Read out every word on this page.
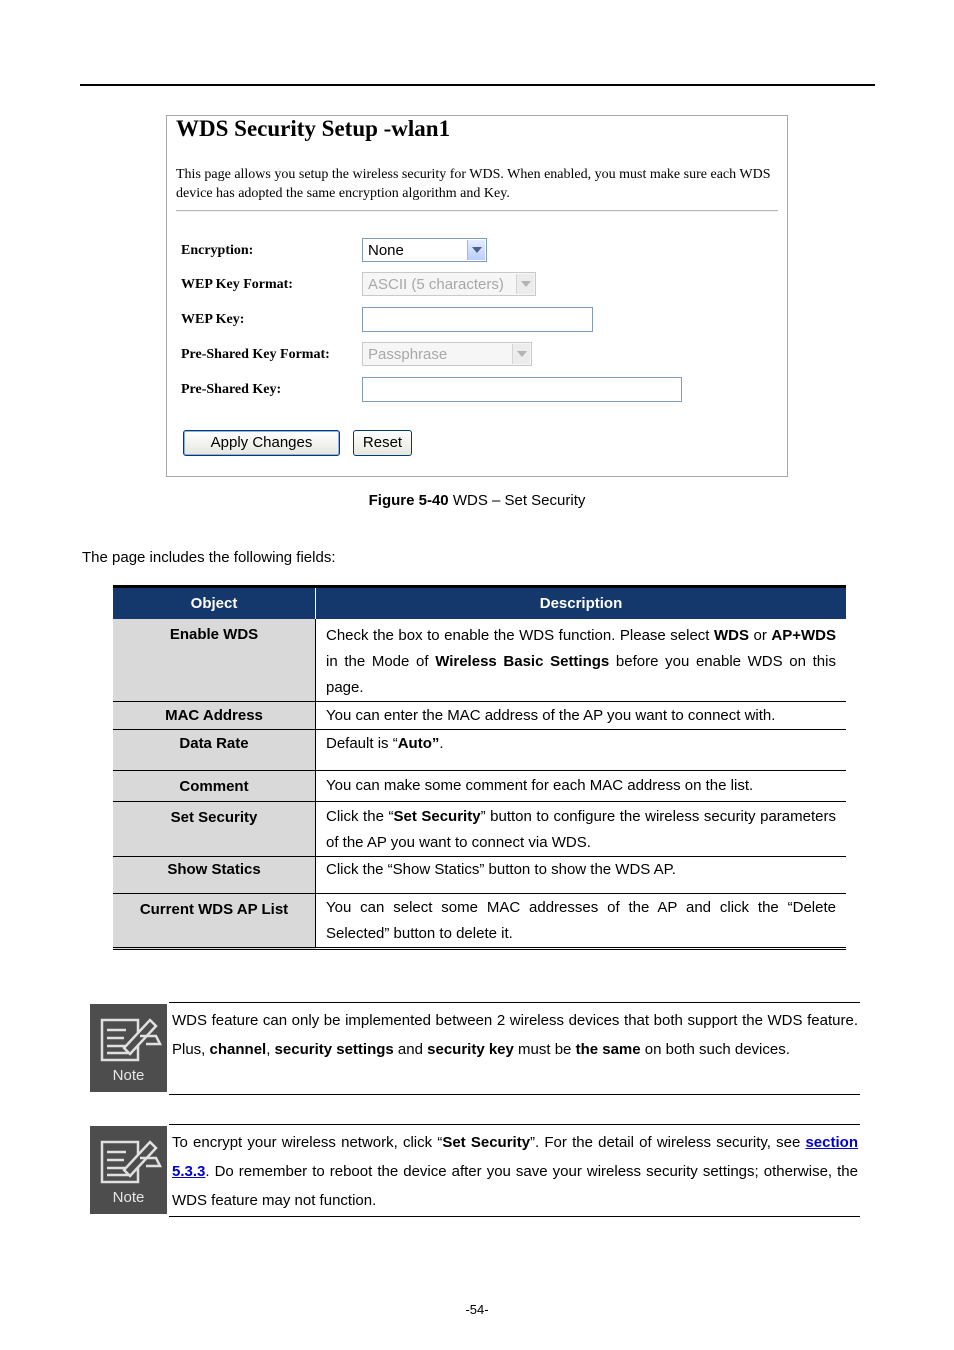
WDS Security Setup -wlan1
This page allows you setup the wireless security for WDS. When enabled, you must make sure each WDS device has adopted the same encryption algorithm and Key.
Encryption:	None
WEP Key Format:	ASCII (5 characters)
WEP Key:
Pre-Shared Key Format:	Passphrase
Pre-Shared Key:
Apply Changes	Reset
Figure 5-40 WDS – Set Security
The page includes the following fields:
Object	Description
Enable WDS	Check the box to enable the WDS function. Please select WDS or AP+WDS in the Mode of Wireless Basic Settings before you enable WDS on this page.
MAC Address	You can enter the MAC address of the AP you want to connect with.
Data Rate	Default is “Auto”.
Comment	You can make some comment for each MAC address on the list.
Set Security	Click the “Set Security” button to configure the wireless security parameters of the AP you want to connect via WDS.
Show Statics	Click the “Show Statics” button to show the WDS AP.
Current WDS AP List	You can select some MAC addresses of the AP and click the “Delete Selected” button to delete it.
Note
WDS feature can only be implemented between 2 wireless devices that both support the WDS feature. Plus, channel, security settings and security key must be the same on both such devices.
Note
To encrypt your wireless network, click “Set Security”. For the detail of wireless security, see section 5.3.3. Do remember to reboot the device after you save your wireless security settings; otherwise, the WDS feature may not function.
-54-
